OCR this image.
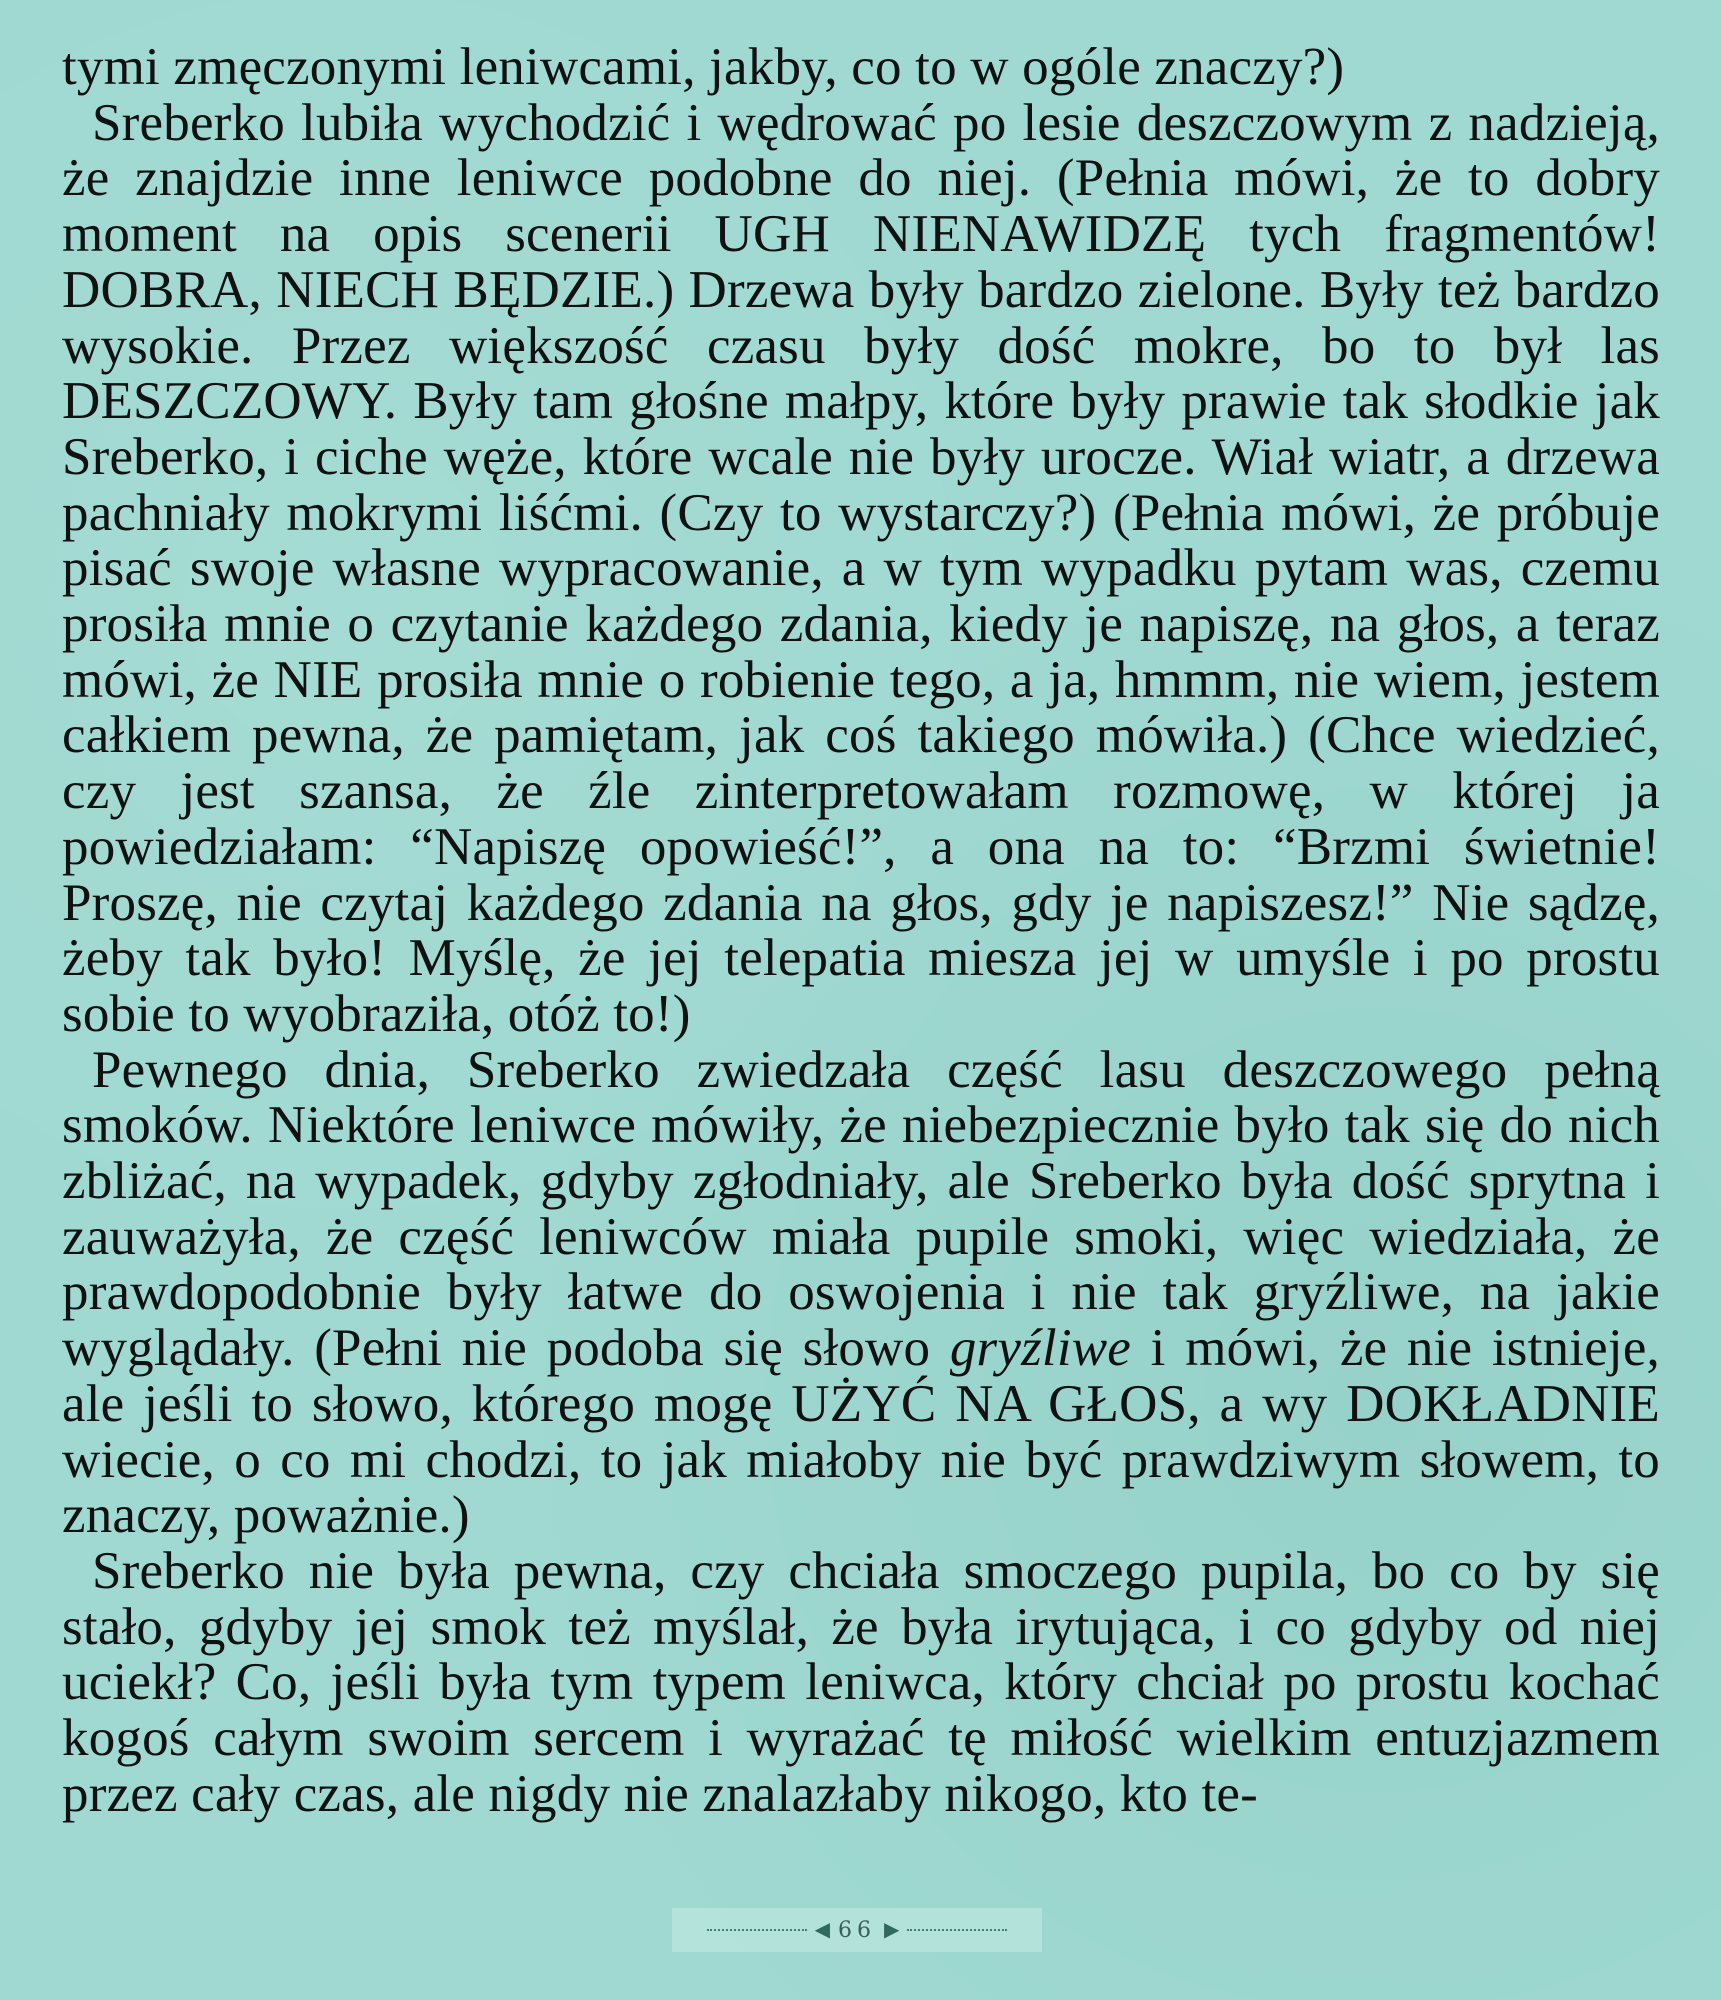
tymi zmęczonymi leniwcami, jakby, co to w ogóle znaczy?)

Sreberko lubiła wychodzić i wędrować po lesie deszczowym z nadzieją, że znajdzie inne leniwce podobne do niej. (Pełnia mówi, że to dobry moment na opis scenerii UGH NIENAWIDZĘ tych fragmentów! DOBRA, NIECH BĘDZIE.) Drzewa były bardzo zielone. Były też bardzo wysokie. Przez większość czasu były dość mokre, bo to był las DESZCZOWY. Były tam głośne małpy, które były prawie tak słodkie jak Sreberko, i ciche węże, które wcale nie były urocze. Wiał wiatr, a drzewa pachniały mokrymi liśćmi. (Czy to wystarczy?) (Pełnia mówi, że próbuje pisać swoje własne wypracowanie, a w tym wypadku pytam was, czemu prosiła mnie o czytanie każdego zdania, kiedy je napiszę, na głos, a teraz mówi, że NIE prosiła mnie o robienie tego, a ja, hmmm, nie wiem, jestem całkiem pewna, że pamiętam, jak coś takiego mówiła.) (Chce wiedzieć, czy jest szansa, że źle zinterpretowałam rozmowę, w której ja powiedziałam: “Napiszę opowieść!”, a ona na to: “Brzmi świetnie! Proszę, nie czytaj każdego zdania na głos, gdy je napiszesz!” Nie sądzę, żeby tak było! Myślę, że jej telepatia miesza jej w umyśle i po prostu sobie to wyobraziła, otóż to!)

Pewnego dnia, Sreberko zwiedzała część lasu deszczowego pełną smoków. Niektóre leniwce mówiły, że niebezpiecznie było tak się do nich zbliżać, na wypadek, gdyby zgłodniały, ale Sreberko była dość sprytna i zauważyła, że część leniwców miała pupile smoki, więc wiedziała, że prawdopodobnie były łatwe do oswojenia i nie tak gryźliwe, na jakie wyglądały. (Pełni nie podoba się słowo gryźliwe i mówi, że nie istnieje, ale jeśli to słowo, którego mogę UŻYĆ NA GŁOS, a wy DOKŁADNIE wiecie, o co mi chodzi, to jak miałoby nie być prawdziwym słowem, to znaczy, poważnie.)

Sreberko nie była pewna, czy chciała smoczego pupila, bo co by się stało, gdyby jej smok też myślał, że była irytująca, i co gdyby od niej uciekł? Co, jeśli była tym typem leniwca, który chciał po prostu kochać kogoś całym swoim sercem i wyrażać tę miłość wielkim entuzjazmem przez cały czas, ale nigdy nie znalazłaby nikogo, kto te-

◀ 66 ▶
